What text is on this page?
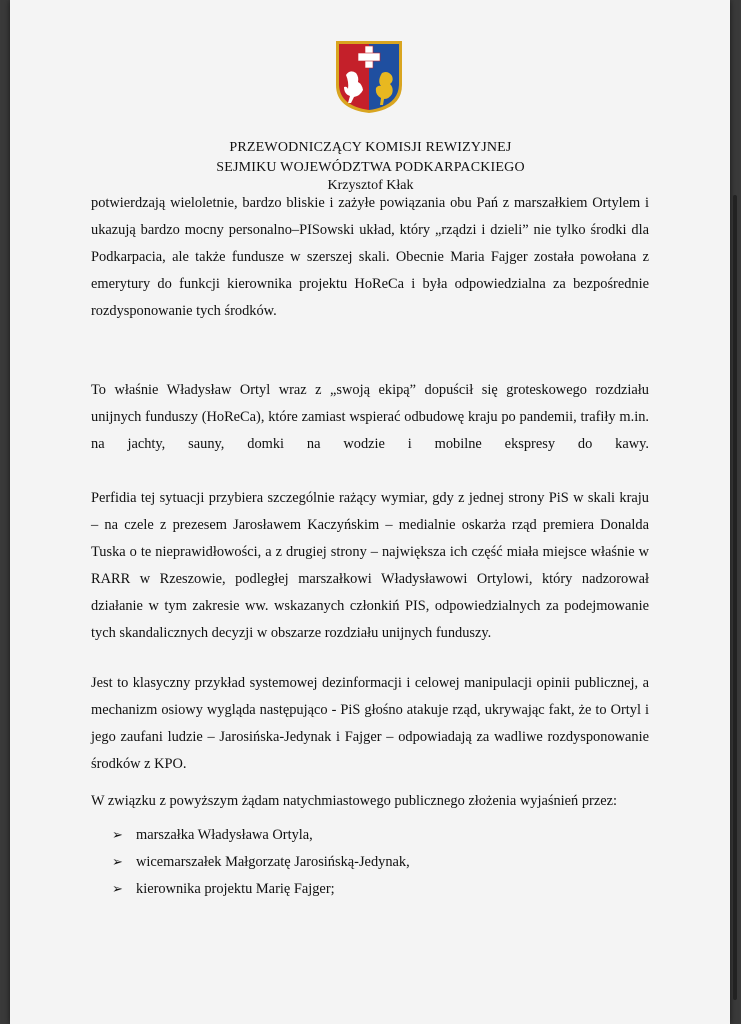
PRZEWODNICZĄCY KOMISJI REWIZYJNEJ
SEJMIKU WOJEWÓDZTWA PODKARPACKIEGO
Krzysztof Kłak

potwierdzają wieloletnie, bardzo bliskie i zażyłe powiązania obu Pań z marszałkiem Ortylem i ukazują bardzo mocny personalno–PISowski układ, który „rządzi i dzieli” nie tylko środki dla Podkarpacia, ale także fundusze w szerszej skali. Obecnie Maria Fajger została powołana z emerytury do funkcji kierownika projektu HoReCa i była odpowiedzialna za bezpośrednie rozdysponowanie tych środków.

To właśnie Władysław Ortyl wraz z „swoją ekipą” dopuścił się groteskowego rozdziału unijnych funduszy (HoReCa), które zamiast wspierać odbudowę kraju po pandemii, trafiły m.in. na jachty, sauny, domki na wodzie i mobilne ekspresy do kawy.

Perfidia tej sytuacji przybiera szczególnie rażący wymiar, gdy z jednej strony PiS w skali kraju – na czele z prezesem Jarosławem Kaczyńskim – medialnie oskarża rząd premiera Donalda Tuska o te nieprawidłowości, a z drugiej strony – największa ich część miała miejsce właśnie w RARR w Rzeszowie, podległej marszałkowi Władysławowi Ortylowi, który nadzorował działanie w tym zakresie ww. wskazanych członkiń PIS, odpowiedzialnych za podejmowanie tych skandalicznych decyzji w obszarze rozdziału unijnych funduszy.

Jest to klasyczny przykład systemowej dezinformacji i celowej manipulacji opinii publicznej, a mechanizm osiowy wygląda następująco - PiS głośno atakuje rząd, ukrywając fakt, że to Ortyl i jego zaufani ludzie – Jarosińska-Jedynak i Fajger – odpowiadają za wadliwe rozdysponowanie środków z KPO.

W związku z powyższym żądam natychmiastowego publicznego złożenia wyjaśnień przez:

➢ marszałka Władysława Ortyla,
➢ wicemarszałek Małgorzatę Jarosińską-Jedynak,
➢ kierownika projektu Marię Fajger;
